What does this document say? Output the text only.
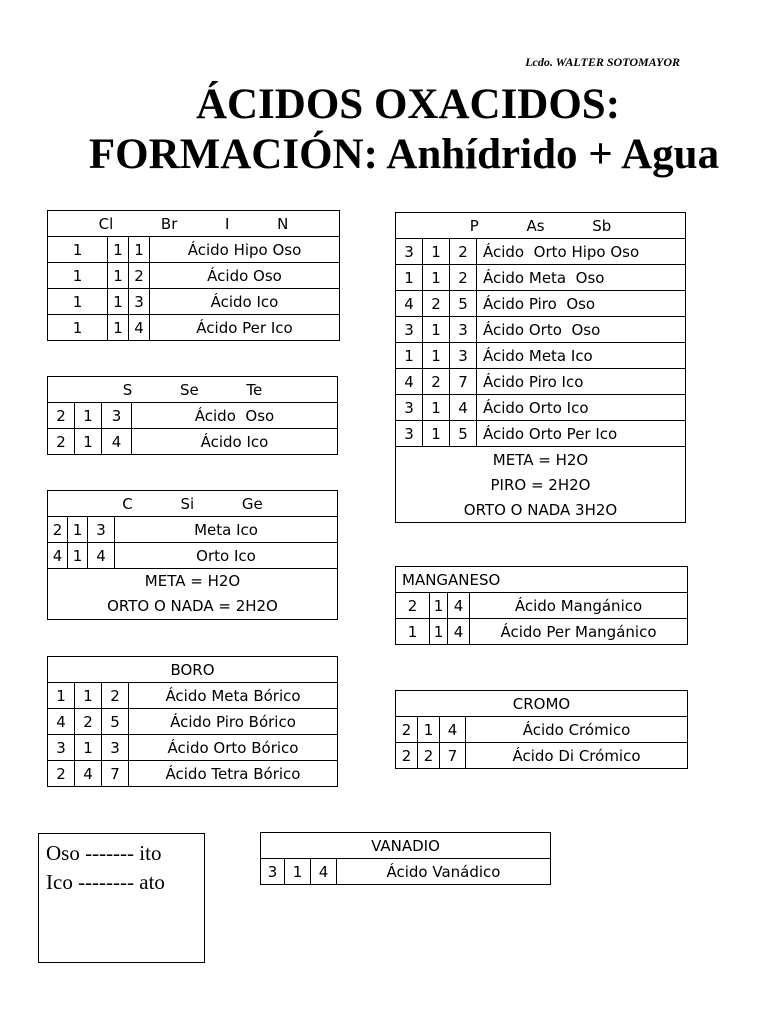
Lcdo. WALTER SOTOMAYOR
ÁCIDOS OXACIDOS:
FORMACIÓN: Anhídrido + Agua
Cl          Br          I          N			
1	1	1	Ácido Hipo Oso
1	1	2	Ácido Oso
1	1	3	Ácido Ico
1	1	4	Ácido Per Ico
S          Se          Te			
2	1	3	Ácido  Oso
2	1	4	Ácido Ico
C          Si          Ge			
2	1	3	Meta Ico
4	1	4	Orto Ico
META = H2O			
ORTO O NADA = 2H2O			
BORO			
1	1	2	Ácido Meta Bórico
4	2	5	Ácido Piro Bórico
3	1	3	Ácido Orto Bórico
2	4	7	Ácido Tetra Bórico
P          As          Sb			
3	1	2	Ácido  Orto Hipo Oso
1	1	2	Ácido Meta  Oso
4	2	5	Ácido Piro  Oso
3	1	3	Ácido Orto  Oso
1	1	3	Ácido Meta Ico
4	2	7	Ácido Piro Ico
3	1	4	Ácido Orto Ico
3	1	5	Ácido Orto Per Ico
META = H2O			
PIRO = 2H2O			
ORTO O NADA 3H2O			
MANGANESO			
2	1	4	Ácido Mangánico
1	1	4	Ácido Per Mangánico
CROMO			
2	1	4	Ácido Crómico
2	2	7	Ácido Di Crómico
VANADIO
3	1	4	Ácido Vanádico
Oso ------- ito
Ico -------- ato
